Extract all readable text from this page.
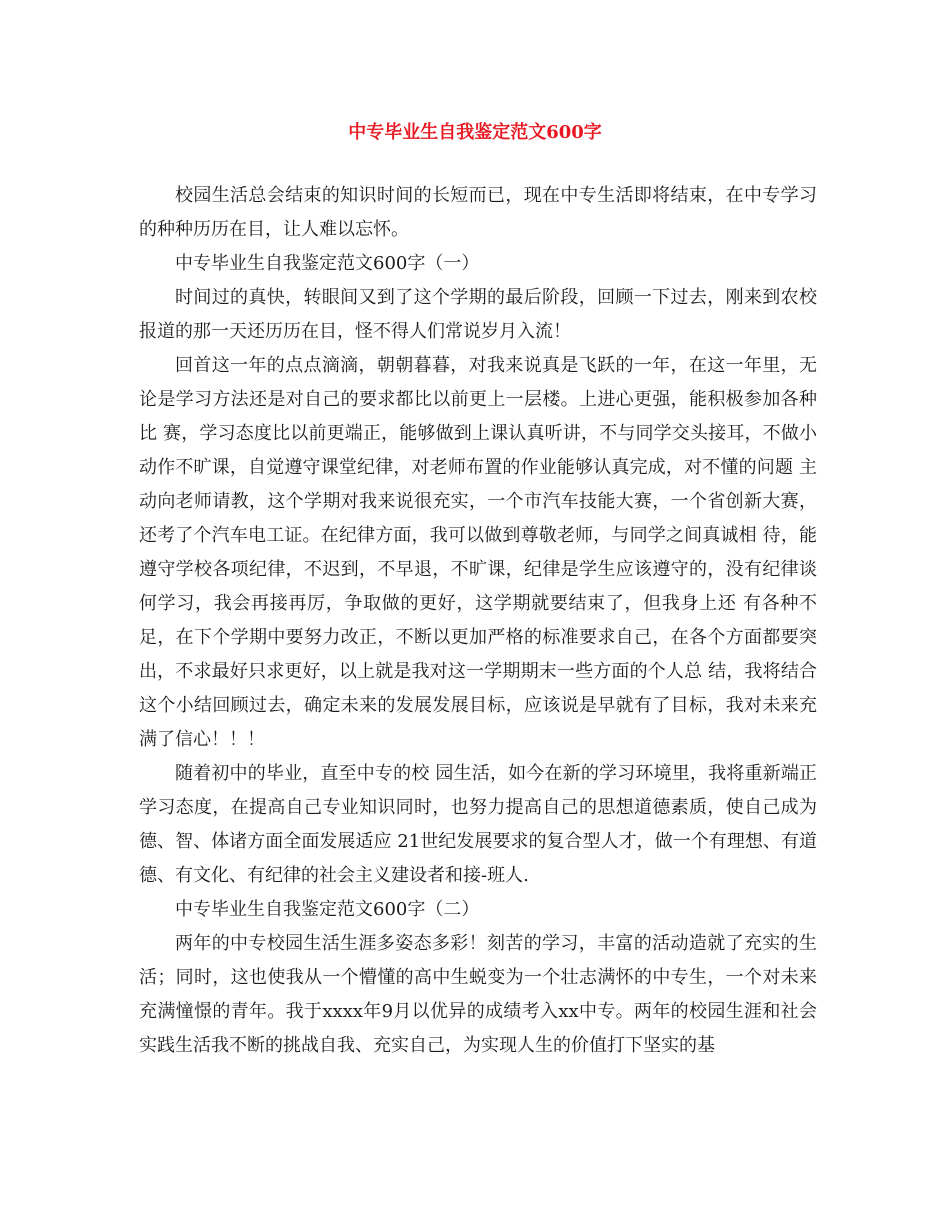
中专毕业生自我鉴定范文600字

校园生活总会结束的知识时间的长短而已，现在中专生活即将结束，在中专学习的种种历历在目，让人难以忘怀。

中专毕业生自我鉴定范文600字（一）

时间过的真快，转眼间又到了这个学期的最后阶段，回顾一下过去，刚来到农校报道的那一天还历历在目，怪不得人们常说岁月入流！

回首这一年的点点滴滴，朝朝暮暮，对我来说真是飞跃的一年，在这一年里，无论是学习方法还是对自己的要求都比以前更上一层楼。上进心更强，能积极参加各种比 赛，学习态度比以前更端正，能够做到上课认真听讲，不与同学交头接耳，不做小动作不旷课，自觉遵守课堂纪律，对老师布置的作业能够认真完成，对不懂的问题 主动向老师请教，这个学期对我来说很充实，一个市汽车技能大赛，一个省创新大赛，还考了个汽车电工证。在纪律方面，我可以做到尊敬老师，与同学之间真诚相 待，能遵守学校各项纪律，不迟到，不早退，不旷课，纪律是学生应该遵守的，没有纪律谈何学习，我会再接再厉，争取做的更好，这学期就要结束了，但我身上还 有各种不足，在下个学期中要努力改正，不断以更加严格的标准要求自己，在各个方面都要突出，不求最好只求更好，以上就是我对这一学期期末一些方面的个人总 结，我将结合这个小结回顾过去，确定未来的发展发展目标，应该说是早就有了目标，我对未来充满了信心！！！

随着初中的毕业，直至中专的校 园生活，如今在新的学习环境里，我将重新端正学习态度，在提高自己专业知识同时，也努力提高自己的思想道德素质，使自己成为德、智、体诸方面全面发展适应 21世纪发展要求的复合型人才，做一个有理想、有道德、有文化、有纪律的社会主义建设者和接-班人.

中专毕业生自我鉴定范文600字（二）

两年的中专校园生活生涯多姿态多彩！刻苦的学习，丰富的活动造就了充实的生活；同时，这也使我从一个懵懂的高中生蜕变为一个壮志满怀的中专生，一个对未来充满憧憬的青年。我于xxxx年9月以优异的成绩考入xx中专。两年的校园生涯和社会实践生活我不断的挑战自我、充实自己，为实现人生的价值打下坚实的基
